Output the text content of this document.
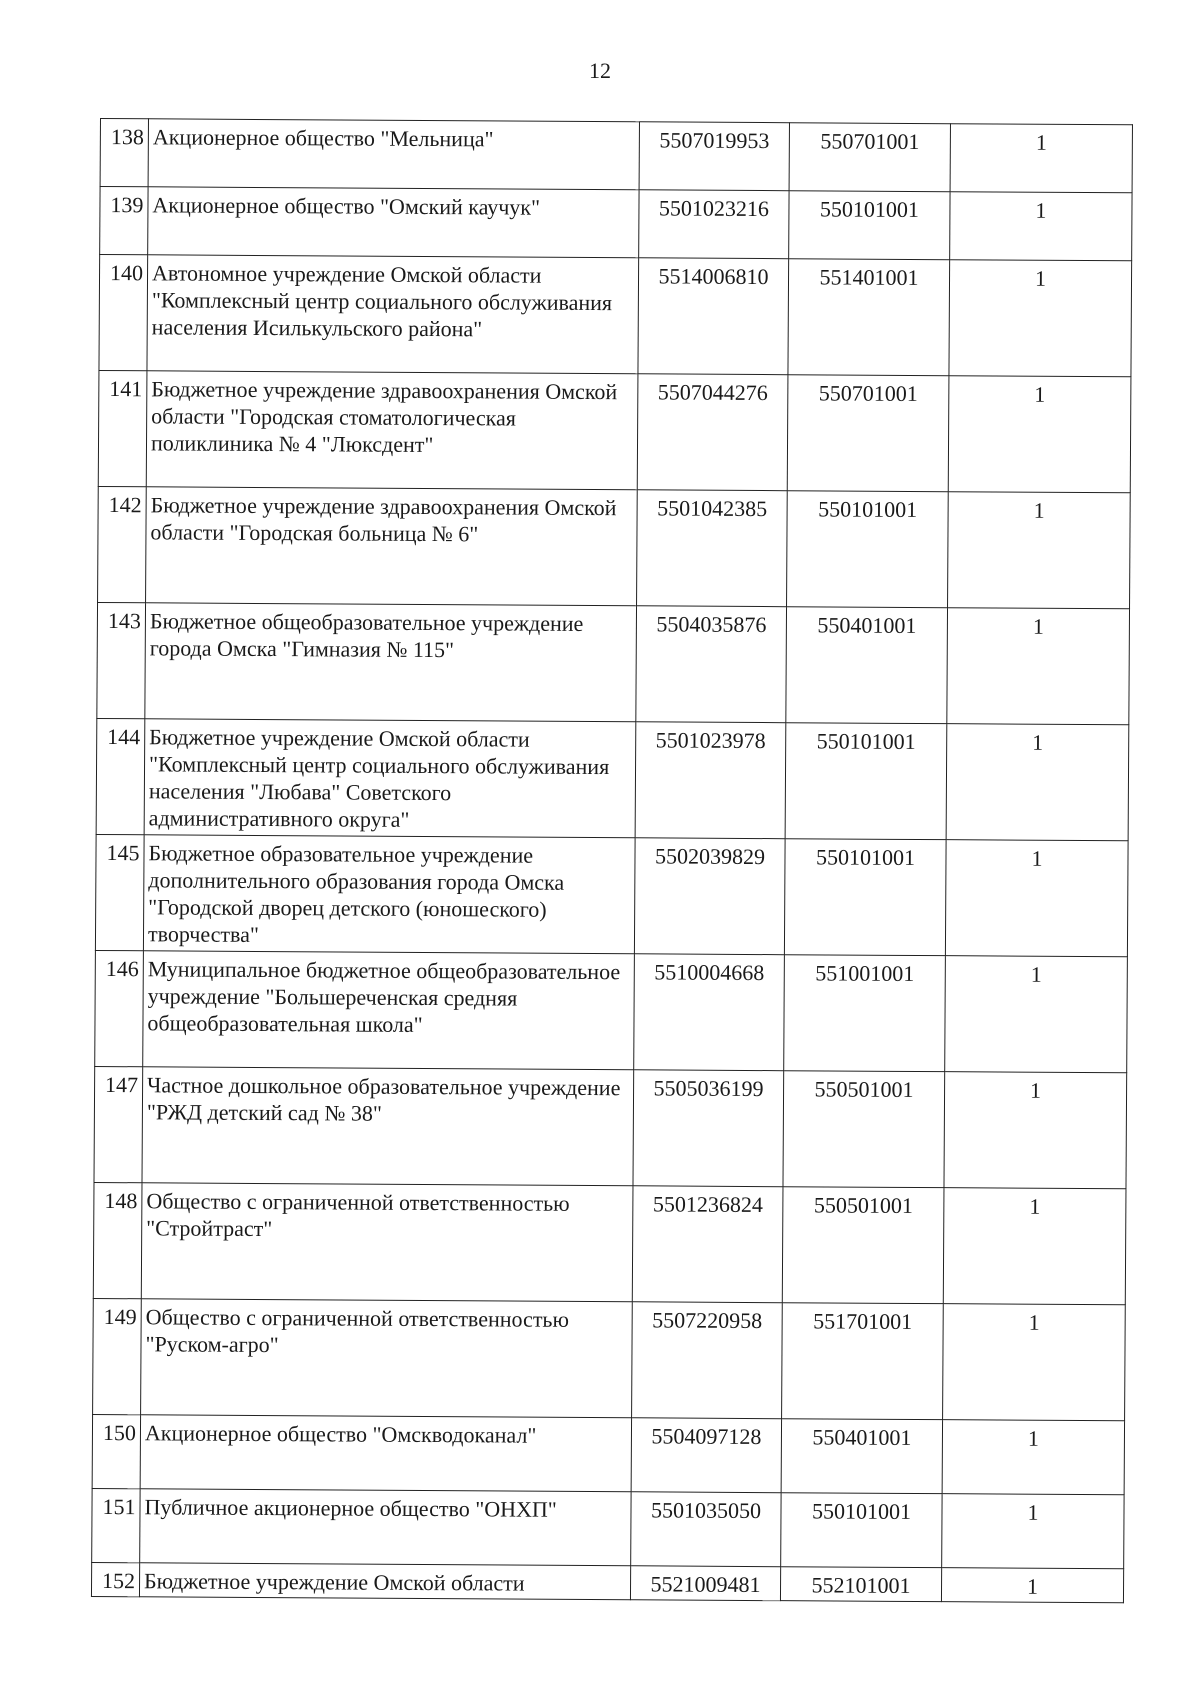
12
138	Акционерное общество "Мельница"	5507019953	550701001	1
139	Акционерное общество "Омский каучук"	5501023216	550101001	1
140	Автономное учреждение Омской области "Комплексный центр социального обслуживания населения Исилькульского района"	5514006810	551401001	1
141	Бюджетное учреждение здравоохранения Омской области "Городская стоматологическая поликлиника № 4 "Люксдент"	5507044276	550701001	1
142	Бюджетное учреждение здравоохранения Омской области "Городская больница № 6"	5501042385	550101001	1
143	Бюджетное общеобразовательное учреждение города Омска "Гимназия № 115"	5504035876	550401001	1
144	Бюджетное учреждение Омской области "Комплексный центр социального обслуживания населения "Любава" Советского административного округа"	5501023978	550101001	1
145	Бюджетное образовательное учреждение дополнительного образования города Омска "Городской дворец детского (юношеского) творчества"	5502039829	550101001	1
146	Муниципальное бюджетное общеобразовательное учреждение "Большереченская средняя общеобразовательная школа"	5510004668	551001001	1
147	Частное дошкольное образовательное учреждение "РЖД детский сад № 38"	5505036199	550501001	1
148	Общество с ограниченной ответственностью "Стройтраст"	5501236824	550501001	1
149	Общество с ограниченной ответственностью "Руском-агро"	5507220958	551701001	1
150	Акционерное общество "Омскводоканал"	5504097128	550401001	1
151	Публичное акционерное общество "ОНХП"	5501035050	550101001	1
152	Бюджетное учреждение Омской области	5521009481	552101001	1
